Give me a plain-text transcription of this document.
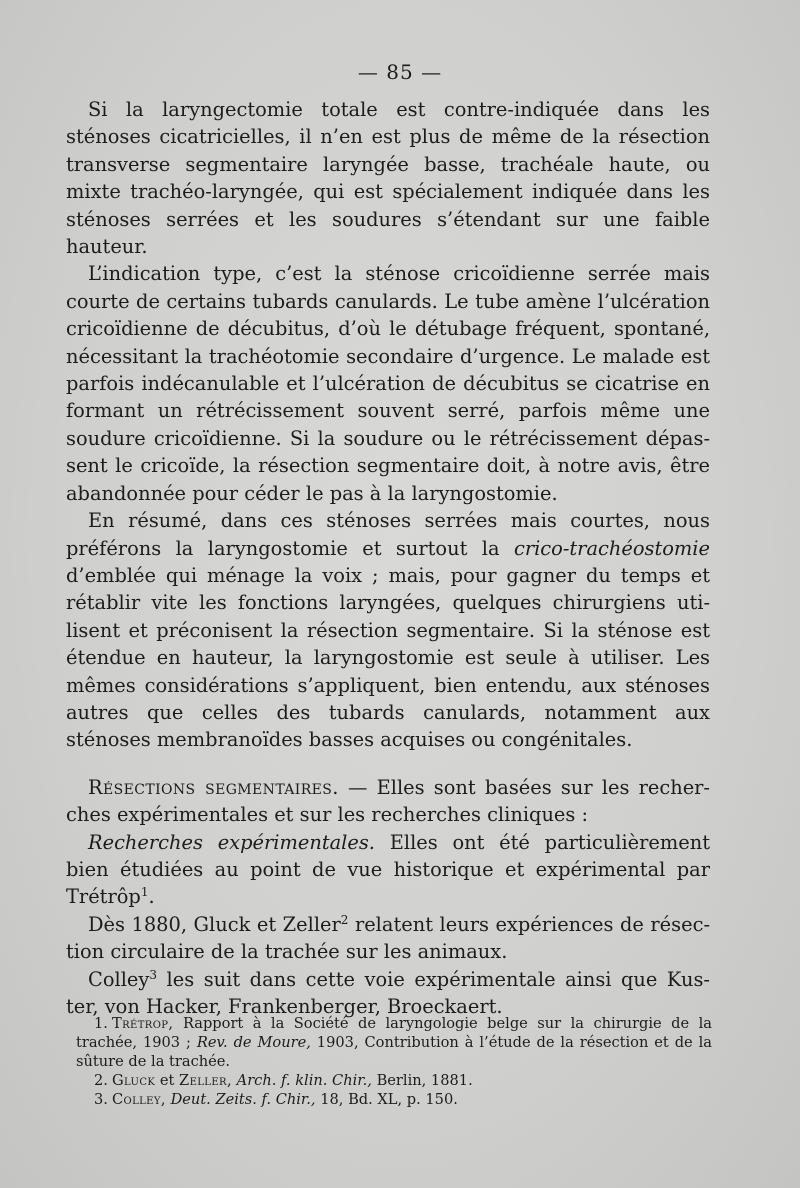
— 85 —

Si la laryngectomie totale est contre-indiquée dans les sténoses cicatricielles, il n’en est plus de même de la résection transverse segmentaire laryngée basse, trachéale haute, ou mixte trachéo-laryngée, qui est spécialement indiquée dans les sténoses serrées et les soudures s’étendant sur une faible hauteur.

L’indication type, c’est la sténose cricoïdienne serrée mais courte de certains tubards canulards. Le tube amène l’ulcération cricoïdienne de décubitus, d’où le détubage fréquent, spontané, nécessitant la trachéotomie secondaire d’urgence. Le malade est parfois indécanulable et l’ulcération de décubitus se cicatrise en formant un rétrécissement souvent serré, parfois même une soudure cricoïdienne. Si la soudure ou le rétrécissement dépas-sent le cricoïde, la résection segmentaire doit, à notre avis, être abandonnée pour céder le pas à la laryngostomie.

En résumé, dans ces sténoses serrées mais courtes, nous préférons la laryngostomie et surtout la crico-trachéostomie d’emblée qui ménage la voix ; mais, pour gagner du temps et rétablir vite les fonctions laryngées, quelques chirurgiens uti-lisent et préconisent la résection segmentaire. Si la sténose est étendue en hauteur, la laryngostomie est seule à utiliser. Les mêmes considérations s’appliquent, bien entendu, aux sténoses autres que celles des tubards canulards, notamment aux sténoses membranoïdes basses acquises ou congénitales.

Résections segmentaires. — Elles sont basées sur les recher-ches expérimentales et sur les recherches cliniques :

Recherches expérimentales. Elles ont été particulièrement bien étudiées au point de vue historique et expérimental par Trétrôp$^1$.

Dès 1880, Gluck et Zeller$^2$ relatent leurs expériences de résec-tion circulaire de la trachée sur les animaux.

Colley$^3$ les suit dans cette voie expérimentale ainsi que Kus-ter, von Hacker, Frankenberger, Broeckaert.

1. Trétrop, Rapport à la Société de laryngologie belge sur la chirurgie de la trachée, 1903 ; Rev. de Moure, 1903, Contribution à l’étude de la résection et de la sûture de la trachée.

2. Gluck et Zeller, Arch. f. klin. Chir., Berlin, 1881.

3. Colley, Deut. Zeits. f. Chir., 18, Bd. XL, p. 150.
